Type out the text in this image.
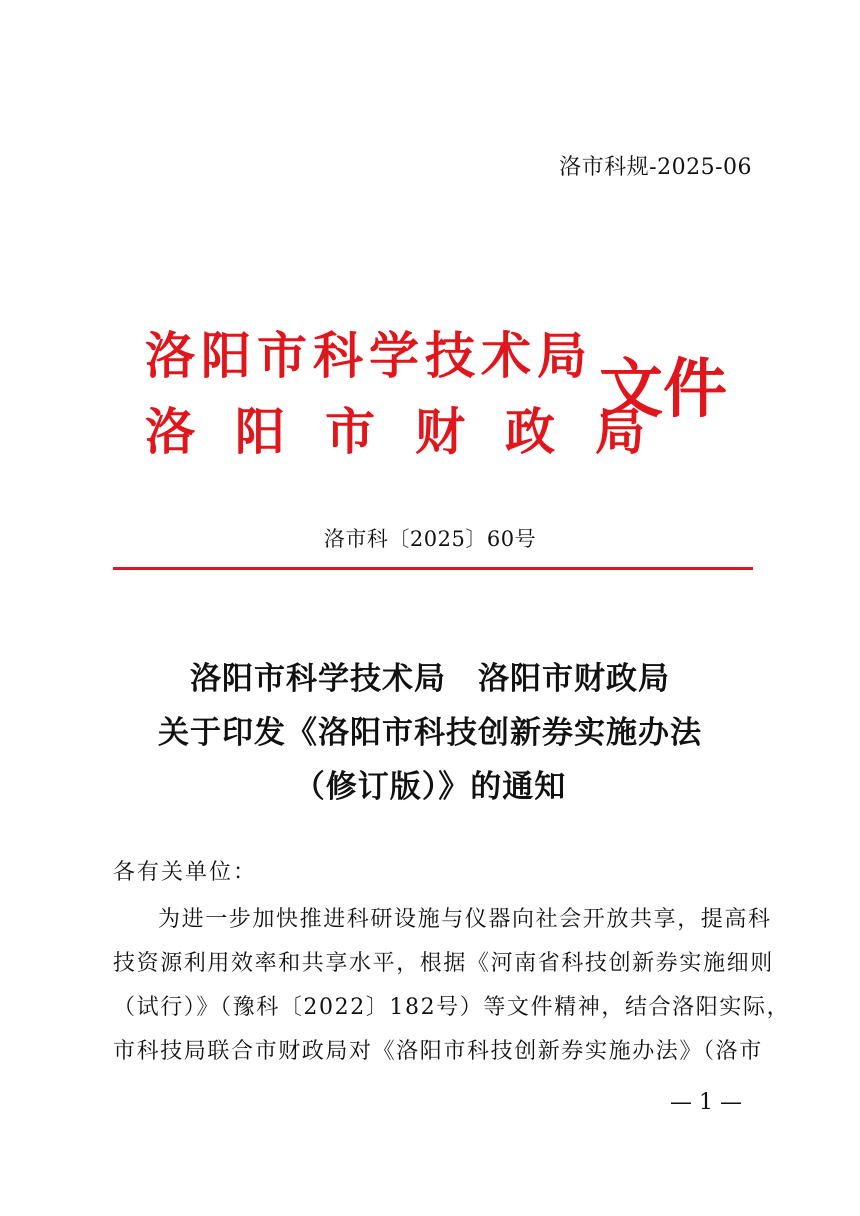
洛市科规-2025-06
洛阳市科学技术局
洛阳市财政局
文件
洛市科〔2025〕60号
洛阳市科学技术局　洛阳市财政局
关于印发《洛阳市科技创新券实施办法
（修订版）》的通知
各有关单位：
为进一步加快推进科研设施与仪器向社会开放共享，提高科
技资源利用效率和共享水平，根据《河南省科技创新券实施细则
（试行）》（豫科〔2022〕182号）等文件精神，结合洛阳实际，
市科技局联合市财政局对《洛阳市科技创新券实施办法》（洛市
— 1 —
